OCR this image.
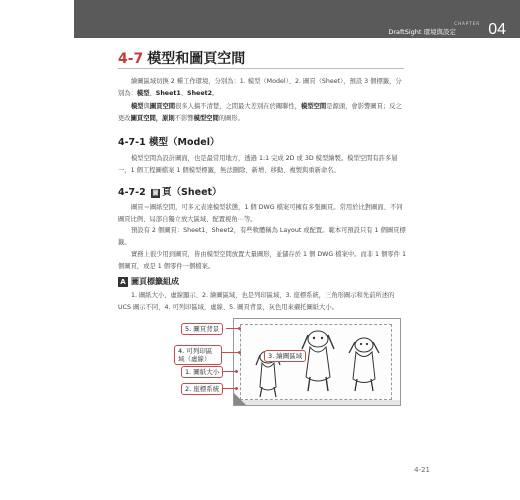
CHAPTER
DraftSight 環境與設定 04
4-7 模型和圖頁空間

繪圖區域切換 2 種工作環境，分別為：1. 模型（Model）、2. 圖頁（Sheet），預設 3 個標籤，分別為：模型、Sheet1、Sheet2。

模型與圖頁空間很多人搞不清楚，之間最大差別在於關聯性，模型空間是源頭，會影響圖頁；反之更改圖頁空間，原則不影響模型空間的圖形。

4-7-1 模型（Model）

模型空間為設計圖面，也是最常用地方，透過 1:1 完成 2D 或 3D 模型繪製。模型空間有許多層一，1 個工程圖檔案 1 個模型標籤，無法刪除、新增、移動、複製與重新命名。

4-7-2 圖 頁（Sheet）

圖頁＝圖紙空間，可多元表達模型狀態，1 個 DWG 檔案可擁有多張圖頁。常用於比對圖面、不同圖頁比例、局部自獨立放大區域、配置視角⋯等。

預設有 2 個圖頁：Sheet1、Sheet2，有些軟體稱為 Layout 或配置。範本可預設只有 1 個圖頁標籤。

實務上很少用到圖頁，皆由模型空間放置大量圖形，並儲存於 1 個 DWG 檔案中。而非 1 個零件 1 個圖頁，或是 1 個零件一個檔案。

A 圖頁標籤組成

1. 圖紙大小，虛線顯示、2. 繪圖區域，也是列印區域、3. 座標系統，三角形圖示和先前所述的 UCS 圖示不同、4. 可列印區域，虛線、5. 圖頁背景，灰色用來襯托圖紙大小。

5. 圖頁背景
4. 可列印區域（虛線）	3. 繪圖區域
1. 圖紙大小
2. 座標系統
4-21
